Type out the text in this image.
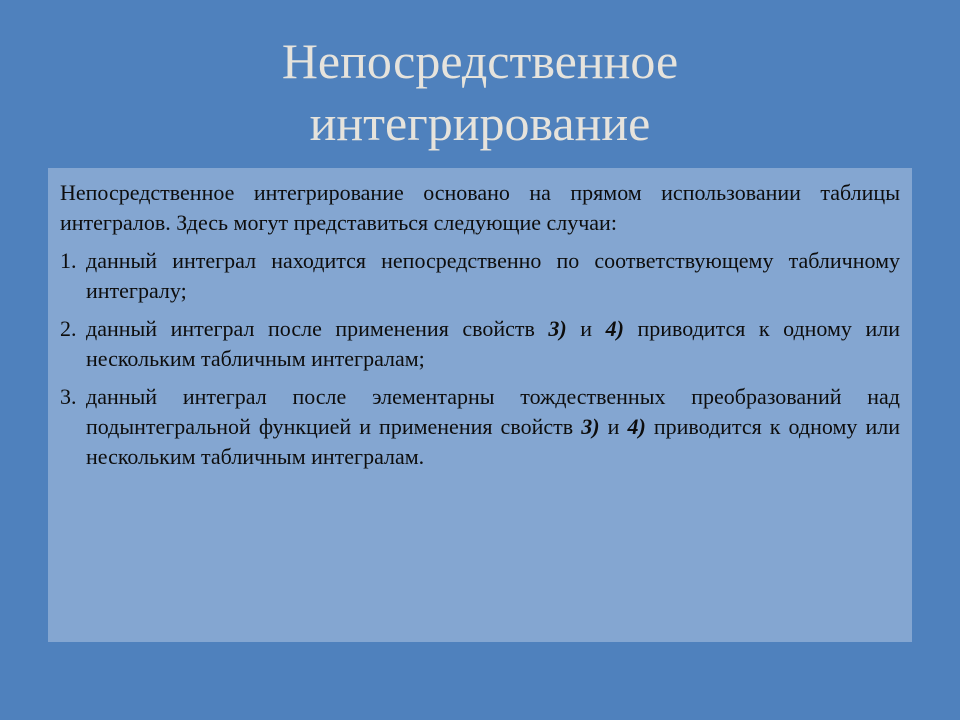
Непосредственное
интегрирование

Непосредственное интегрирование основано на прямом использовании таблицы интегралов. Здесь могут представиться следующие случаи:

1. данный интеграл находится непосредственно по соответствующему табличному интегралу;
2. данный интеграл после применения свойств 3) и 4) приводится к одному или нескольким табличным интегралам;
3. данный интеграл после элементарны тождественных преобразований над подынтегральной функцией и применения свойств 3) и 4) приводится к одному или нескольким табличным интегралам.
